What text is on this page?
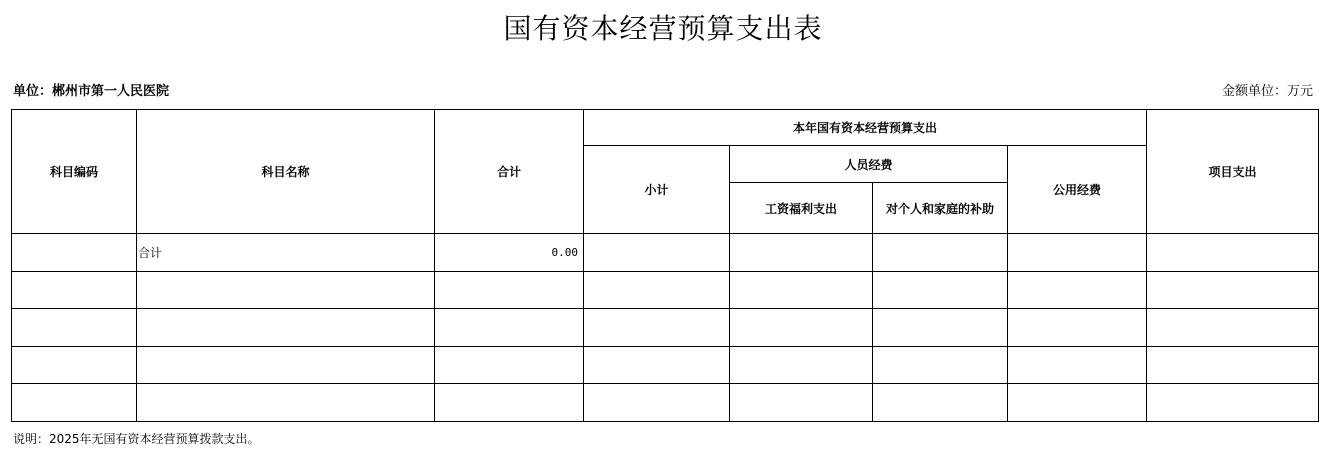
国有资本经营预算支出表
单位：郴州市第一人民医院	金额单位：万元
科目编码	科目名称	合计	本年国有资本经营预算支出				项目支出
			小计	人员经费		公用经费	
				工资福利支出	对个人和家庭的补助		
	合计	0.00					

说明：2025年无国有资本经营预算拨款支出。
